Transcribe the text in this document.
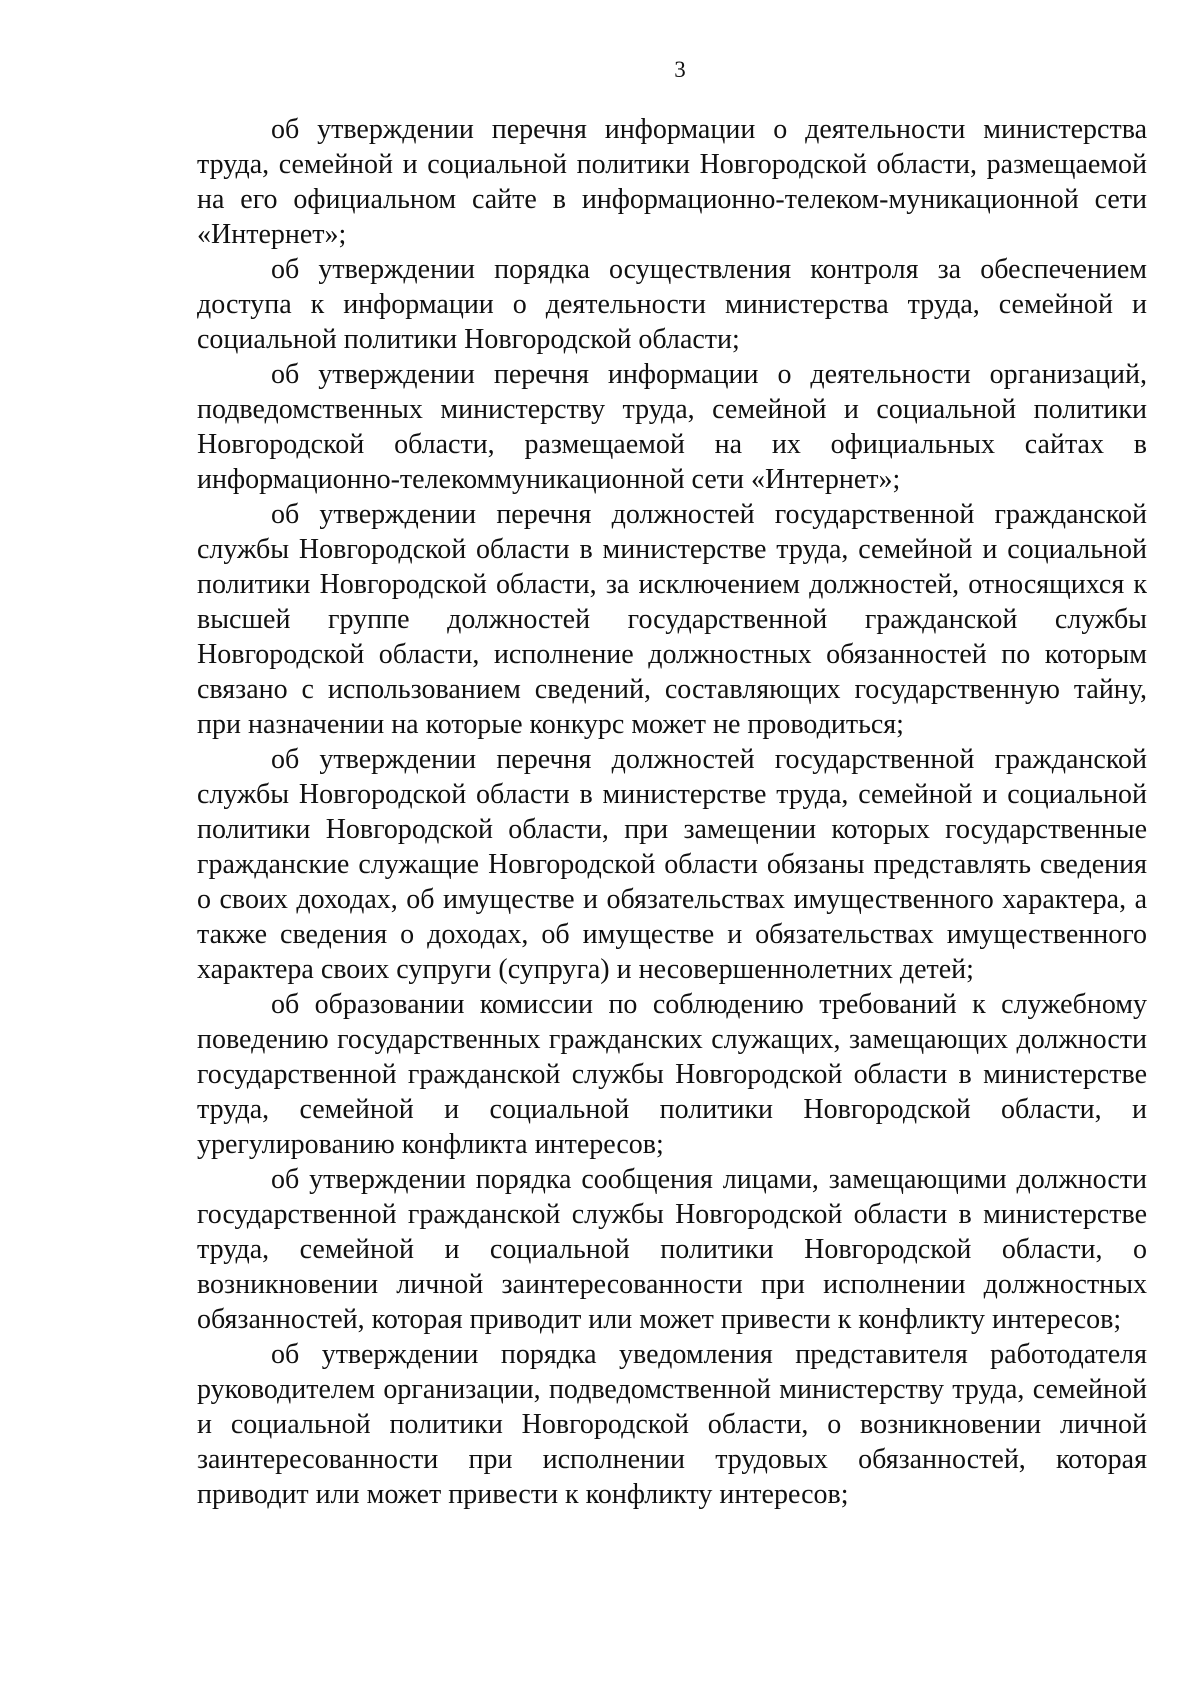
3

об утверждении перечня информации о деятельности министерства труда, семейной и социальной политики Новгородской области, размещаемой на его официальном сайте в информационно-телеком-муникационной сети «Интернет»;

об утверждении порядка осуществления контроля за обеспечением доступа к информации о деятельности министерства труда, семейной и социальной политики Новгородской области;

об утверждении перечня информации о деятельности организаций, подведомственных министерству труда, семейной и социальной политики Новгородской области, размещаемой на их официальных сайтах в информационно-телекоммуникационной сети «Интернет»;

об утверждении перечня должностей государственной гражданской службы Новгородской области в министерстве труда, семейной и социальной политики Новгородской области, за исключением должностей, относящихся к высшей группе должностей государственной гражданской службы Новгородской области, исполнение должностных обязанностей по которым связано с использованием сведений, составляющих государственную тайну, при назначении на которые конкурс может не проводиться;

об утверждении перечня должностей государственной гражданской службы Новгородской области в министерстве труда, семейной и социальной политики Новгородской области, при замещении которых государственные гражданские служащие Новгородской области обязаны представлять сведения о своих доходах, об имуществе и обязательствах имущественного характера, а также сведения о доходах, об имуществе и обязательствах имущественного характера своих супруги (супруга) и несовершеннолетних детей;

об образовании комиссии по соблюдению требований к служебному поведению государственных гражданских служащих, замещающих должности государственной гражданской службы Новгородской области в министерстве труда, семейной и социальной политики Новгородской области, и урегулированию конфликта интересов;

об утверждении порядка сообщения лицами, замещающими должности государственной гражданской службы Новгородской области в министерстве труда, семейной и социальной политики Новгородской области, о возникновении личной заинтересованности при исполнении должностных обязанностей, которая приводит или может привести к конфликту интересов;

об утверждении порядка уведомления представителя работодателя руководителем организации, подведомственной министерству труда, семейной и социальной политики Новгородской области, о возникновении личной заинтересованности при исполнении трудовых обязанностей, которая приводит или может привести к конфликту интересов;
